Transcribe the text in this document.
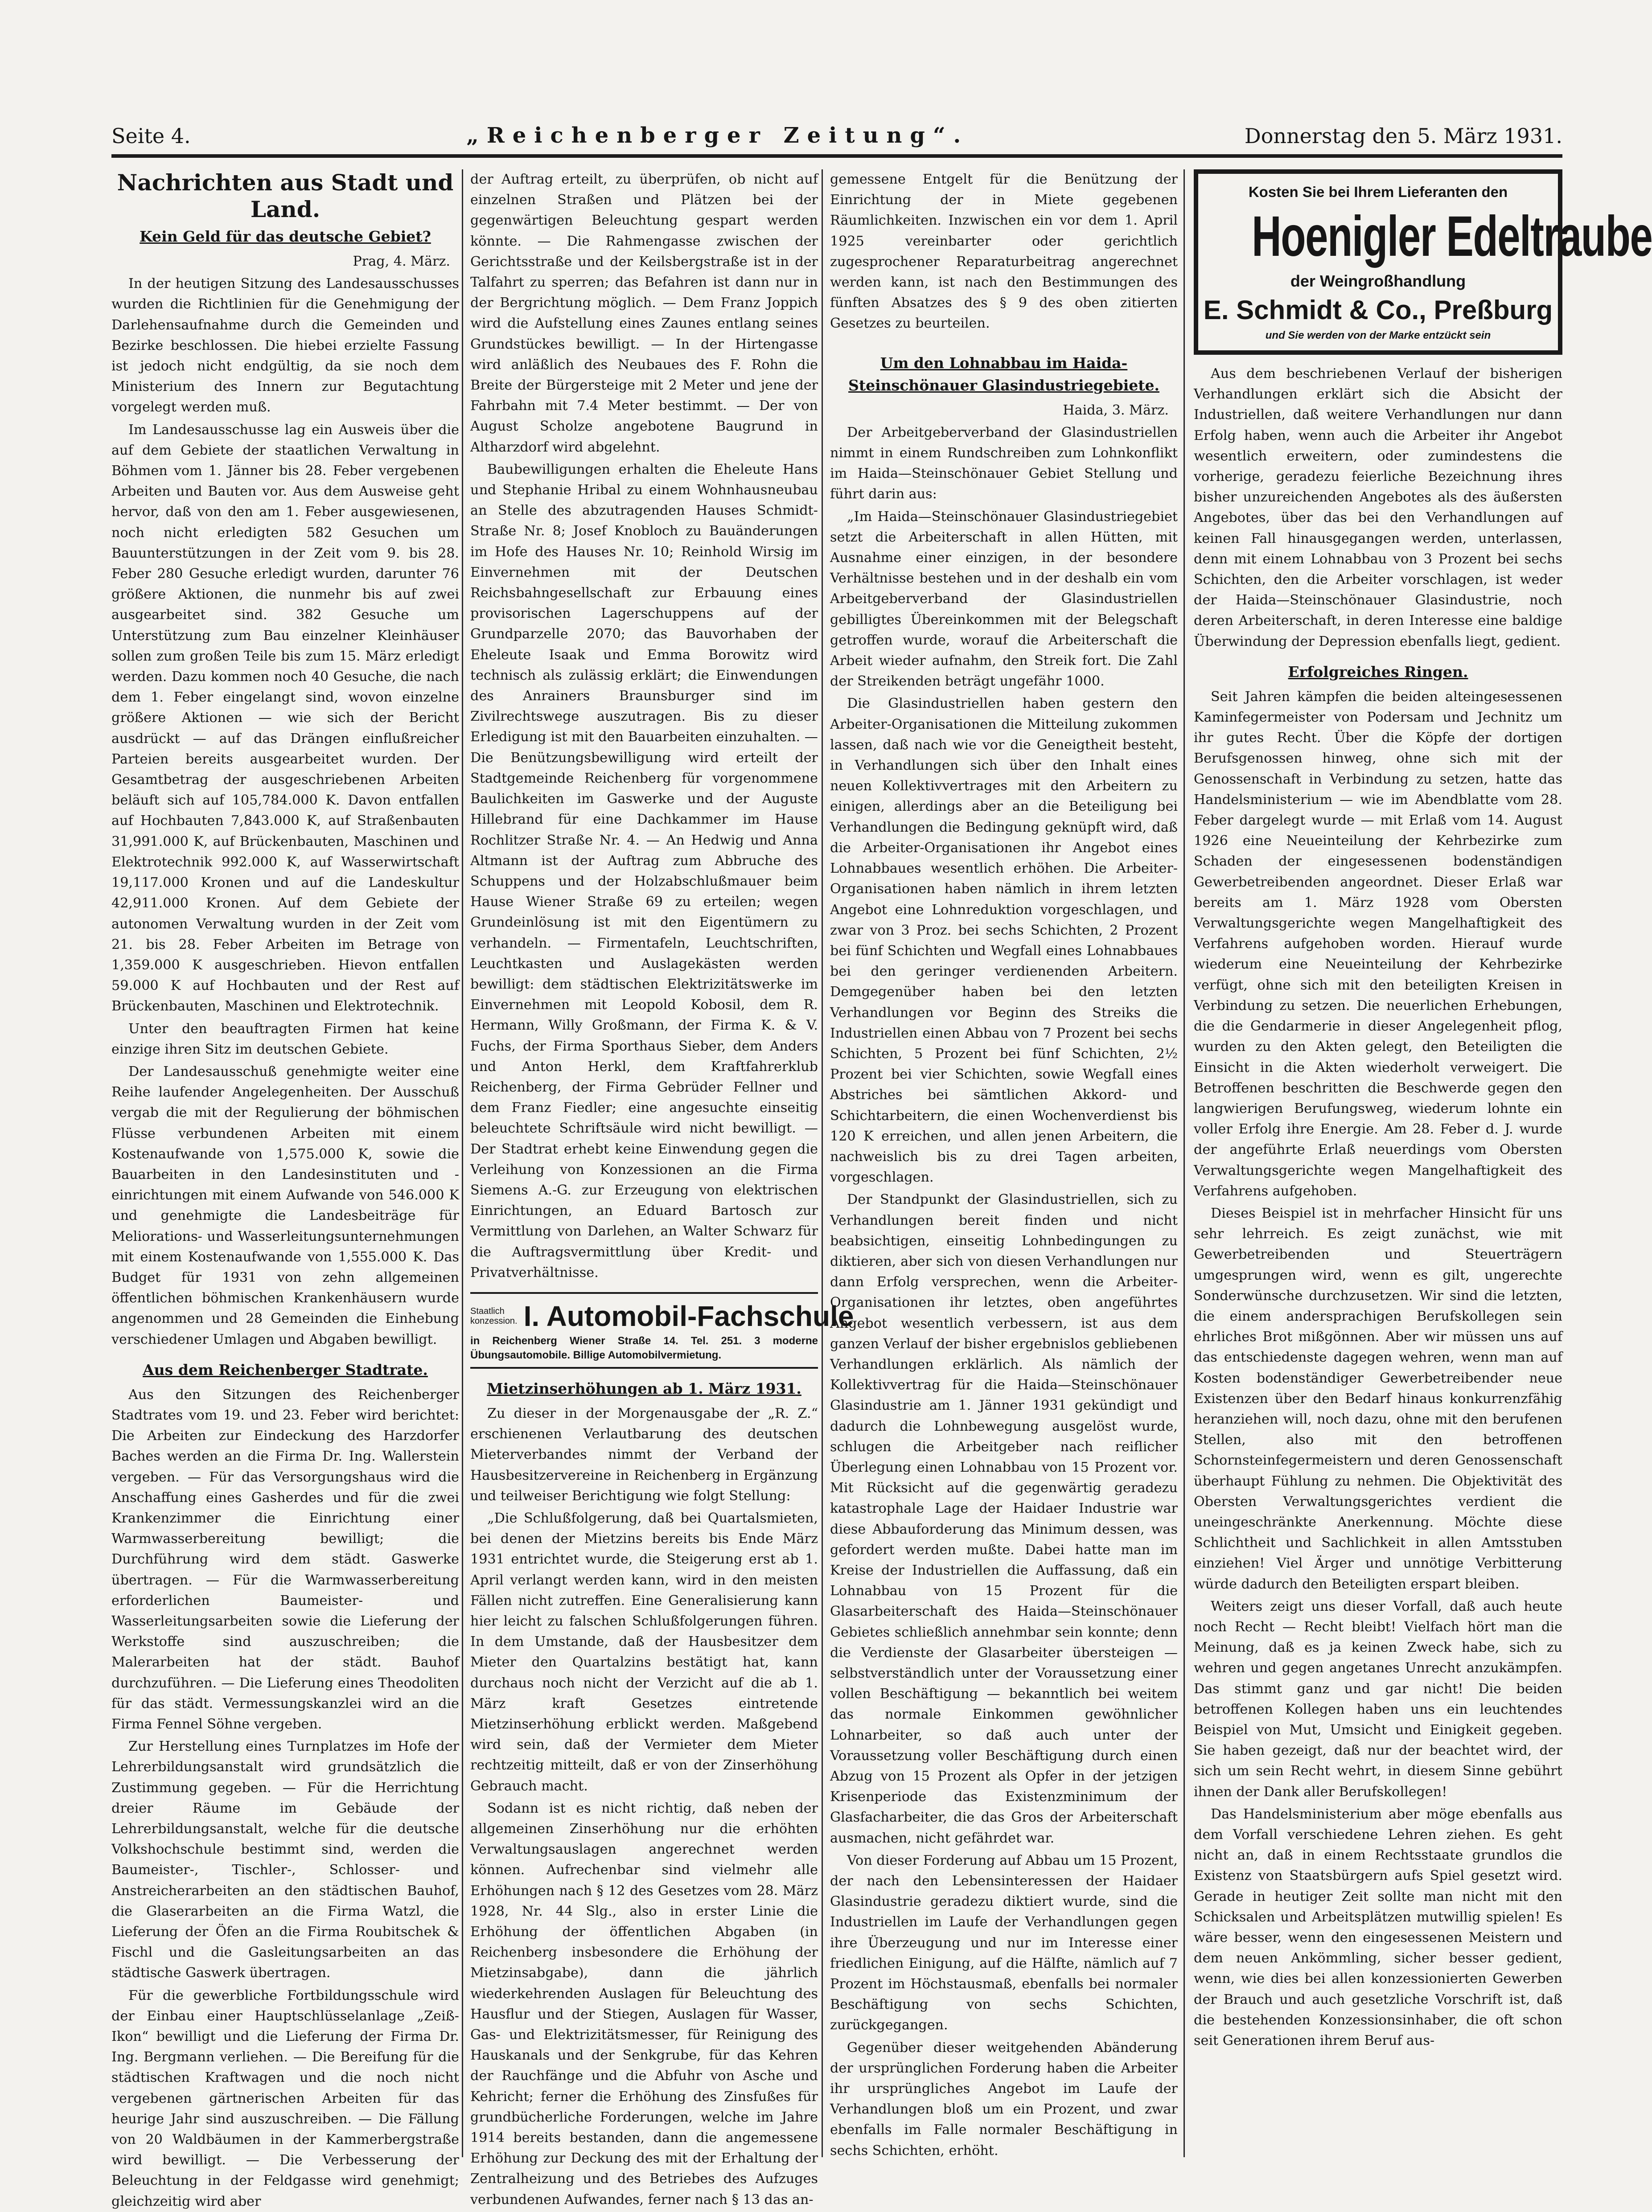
Seite 4.	„Reichenberger Zeitung“.	Donnerstag den 5. März 1931.
Nachrichten aus Stadt und Land.
Kein Geld für das deutsche Gebiet?

Prag, 4. März.

In der heutigen Sitzung des Landesausschusses wurden die Richtlinien für die Genehmigung der Darlehensaufnahme durch die Gemeinden und Bezirke beschlossen. Die hiebei erzielte Fassung ist jedoch nicht endgültig, da sie noch dem Ministerium des Innern zur Begutachtung vorgelegt werden muß.

Im Landesausschusse lag ein Ausweis über die auf dem Gebiete der staatlichen Verwaltung in Böhmen vom 1. Jänner bis 28. Feber vergebenen Arbeiten und Bauten vor. Aus dem Ausweise geht hervor, daß von den am 1. Feber ausgewiesenen, noch nicht erledigten 582 Gesuchen um Bauunterstützungen in der Zeit vom 9. bis 28. Feber 280 Gesuche erledigt wurden, darunter 76 größere Aktionen, die nunmehr bis auf zwei ausgearbeitet sind. 382 Gesuche um Unterstützung zum Bau einzelner Kleinhäuser sollen zum großen Teile bis zum 15. März erledigt werden. Dazu kommen noch 40 Gesuche, die nach dem 1. Feber eingelangt sind, wovon einzelne größere Aktionen — wie sich der Bericht ausdrückt — auf das Drängen einflußreicher Parteien bereits ausgearbeitet wurden. Der Gesamtbetrag der ausgeschriebenen Arbeiten beläuft sich auf 105,784.000 K. Davon entfallen auf Hochbauten 7,843.000 K, auf Straßenbauten 31,991.000 K, auf Brückenbauten, Maschinen und Elektrotechnik 992.000 K, auf Wasserwirtschaft 19,117.000 Kronen und auf die Landeskultur 42,911.000 Kronen. Auf dem Gebiete der autonomen Verwaltung wurden in der Zeit vom 21. bis 28. Feber Arbeiten im Betrage von 1,359.000 K ausgeschrieben. Hievon entfallen 59.000 K auf Hochbauten und der Rest auf Brückenbauten, Maschinen und Elektrotechnik.

Unter den beauftragten Firmen hat keine einzige ihren Sitz im deutschen Gebiete.

Der Landesausschuß genehmigte weiter eine Reihe laufender Angelegenheiten. Der Ausschuß vergab die mit der Regulierung der böhmischen Flüsse verbundenen Arbeiten mit einem Kostenaufwande von 1,575.000 K, sowie die Bauarbeiten in den Landesinstituten und -einrichtungen mit einem Aufwande von 546.000 K und genehmigte die Landesbeiträge für Meliorations- und Wasserleitungsunternehmungen mit einem Kostenaufwande von 1,555.000 K. Das Budget für 1931 von zehn allgemeinen öffentlichen böhmischen Krankenhäusern wurde angenommen und 28 Gemeinden die Einhebung verschiedener Umlagen und Abgaben bewilligt.

Aus dem Reichenberger Stadtrate.

Aus den Sitzungen des Reichenberger Stadtrates vom 19. und 23. Feber wird berichtet: Die Arbeiten zur Eindeckung des Harzdorfer Baches werden an die Firma Dr. Ing. Wallerstein vergeben. — Für das Versorgungshaus wird die Anschaffung eines Gasherdes und für die zwei Krankenzimmer die Einrichtung einer Warmwasserbereitung bewilligt; die Durchführung wird dem städt. Gaswerke übertragen. — Für die Warmwasserbereitung erforderlichen Baumeister- und Wasserleitungsarbeiten sowie die Lieferung der Werkstoffe sind auszuschreiben; die Malerarbeiten hat der städt. Bauhof durchzuführen. — Die Lieferung eines Theodoliten für das städt. Vermessungskanzlei wird an die Firma Fennel Söhne vergeben.

Zur Herstellung eines Turnplatzes im Hofe der Lehrerbildungsanstalt wird grundsätzlich die Zustimmung gegeben. — Für die Herrichtung dreier Räume im Gebäude der Lehrerbildungsanstalt, welche für die deutsche Volkshochschule bestimmt sind, werden die Baumeister-, Tischler-, Schlosser- und Anstreicherarbeiten an den städtischen Bauhof, die Glaserarbeiten an die Firma Watzl, die Lieferung der Öfen an die Firma Roubitschek & Fischl und die Gasleitungsarbeiten an das städtische Gaswerk übertragen.

Für die gewerbliche Fortbildungsschule wird der Einbau einer Hauptschlüsselanlage „Zeiß-Ikon“ bewilligt und die Lieferung der Firma Dr. Ing. Bergmann verliehen. — Die Bereifung für die städtischen Kraftwagen und die noch nicht vergebenen gärtnerischen Arbeiten für das heurige Jahr sind auszuschreiben. — Die Fällung von 20 Waldbäumen in der Kammerbergstraße wird bewilligt. — Die Verbesserung der Beleuchtung in der Feldgasse wird genehmigt; gleichzeitig wird aber

der Auftrag erteilt, zu überprüfen, ob nicht auf einzelnen Straßen und Plätzen bei der gegenwärtigen Beleuchtung gespart werden könnte. — Die Rahmengasse zwischen der Gerichtsstraße und der Keilsbergstraße ist in der Talfahrt zu sperren; das Befahren ist dann nur in der Bergrichtung möglich. — Dem Franz Joppich wird die Aufstellung eines Zaunes entlang seines Grundstückes bewilligt. — In der Hirtengasse wird anläßlich des Neubaues des F. Rohn die Breite der Bürgersteige mit 2 Meter und jene der Fahrbahn mit 7.4 Meter bestimmt. — Der von August Scholze angebotene Baugrund in Altharzdorf wird abgelehnt.

Baubewilligungen erhalten die Eheleute Hans und Stephanie Hribal zu einem Wohnhausneubau an Stelle des abzutragenden Hauses Schmidt-Straße Nr. 8; Josef Knobloch zu Bauänderungen im Hofe des Hauses Nr. 10; Reinhold Wirsig im Einvernehmen mit der Deutschen Reichsbahngesellschaft zur Erbauung eines provisorischen Lagerschuppens auf der Grundparzelle 2070; das Bauvorhaben der Eheleute Isaak und Emma Borowitz wird technisch als zulässig erklärt; die Einwendungen des Anrainers Braunsburger sind im Zivilrechtswege auszutragen. Bis zu dieser Erledigung ist mit den Bauarbeiten einzuhalten. — Die Benützungsbewilligung wird erteilt der Stadtgemeinde Reichenberg für vorgenommene Baulichkeiten im Gaswerke und der Auguste Hillebrand für eine Dachkammer im Hause Rochlitzer Straße Nr. 4. — An Hedwig und Anna Altmann ist der Auftrag zum Abbruche des Schuppens und der Holzabschlußmauer beim Hause Wiener Straße 69 zu erteilen; wegen Grundeinlösung ist mit den Eigentümern zu verhandeln. — Firmentafeln, Leuchtschriften, Leuchtkasten und Auslagekästen werden bewilligt: dem städtischen Elektrizitätswerke im Einvernehmen mit Leopold Kobosil, dem R. Hermann, Willy Großmann, der Firma K. & V. Fuchs, der Firma Sporthaus Sieber, dem Anders und Anton Herkl, dem Kraftfahrerklub Reichenberg, der Firma Gebrüder Fellner und dem Franz Fiedler; eine angesuchte einseitig beleuchtete Schriftsäule wird nicht bewilligt. — Der Stadtrat erhebt keine Einwendung gegen die Verleihung von Konzessionen an die Firma Siemens A.-G. zur Erzeugung von elektrischen Einrichtungen, an Eduard Bartosch zur Vermittlung von Darlehen, an Walter Schwarz für die Auftragsvermittlung über Kredit- und Privatverhältnisse.

Staatlich konzession. I. Automobil-Fachschule
in Reichenberg Wiener Straße 14. Tel. 251. 3 moderne Übungsautomobile. Billige Automobilvermietung.
Mietzinserhöhungen ab 1. März 1931.

Zu dieser in der Morgenausgabe der „R. Z.“ erschienenen Verlautbarung des deutschen Mieterverbandes nimmt der Verband der Hausbesitzervereine in Reichenberg in Ergänzung und teilweiser Berichtigung wie folgt Stellung:

„Die Schlußfolgerung, daß bei Quartalsmieten, bei denen der Mietzins bereits bis Ende März 1931 entrichtet wurde, die Steigerung erst ab 1. April verlangt werden kann, wird in den meisten Fällen nicht zutreffen. Eine Generalisierung kann hier leicht zu falschen Schlußfolgerungen führen. In dem Umstande, daß der Hausbesitzer dem Mieter den Quartalzins bestätigt hat, kann durchaus noch nicht der Verzicht auf die ab 1. März kraft Gesetzes eintretende Mietzinserhöhung erblickt werden. Maßgebend wird sein, daß der Vermieter dem Mieter rechtzeitig mitteilt, daß er von der Zinserhöhung Gebrauch macht.

Sodann ist es nicht richtig, daß neben der allgemeinen Zinserhöhung nur die erhöhten Verwaltungsauslagen angerechnet werden können. Aufrechenbar sind vielmehr alle Erhöhungen nach § 12 des Gesetzes vom 28. März 1928, Nr. 44 Slg., also in erster Linie die Erhöhung der öffentlichen Abgaben (in Reichenberg insbesondere die Erhöhung der Mietzinsabgabe), dann die jährlich wiederkehrenden Auslagen für Beleuchtung des Hausflur und der Stiegen, Auslagen für Wasser, Gas- und Elektrizitätsmesser, für Reinigung des Hauskanals und der Senkgrube, für das Kehren der Rauchfänge und die Abfuhr von Asche und Kehricht; ferner die Erhöhung des Zinsfußes für grundbücherliche Forderungen, welche im Jahre 1914 bereits bestanden, dann die angemessene Erhöhung zur Deckung des mit der Erhaltung der Zentralheizung und des Betriebes des Aufzuges verbundenen Aufwandes, ferner nach § 13 das an-

gemessene Entgelt für die Benützung der Einrichtung der in Miete gegebenen Räumlichkeiten. Inzwischen ein vor dem 1. April 1925 vereinbarter oder gerichtlich zugesprochener Reparaturbeitrag angerechnet werden kann, ist nach den Bestimmungen des fünften Absatzes des § 9 des oben zitierten Gesetzes zu beurteilen.

Um den Lohnabbau im Haida-Steinschönauer Glasindustriegebiete.

Haida, 3. März.

Der Arbeitgeberverband der Glasindustriellen nimmt in einem Rundschreiben zum Lohnkonflikt im Haida—Steinschönauer Gebiet Stellung und führt darin aus:

„Im Haida—Steinschönauer Glasindustriegebiet setzt die Arbeiterschaft in allen Hütten, mit Ausnahme einer einzigen, in der besondere Verhältnisse bestehen und in der deshalb ein vom Arbeitgeberverband der Glasindustriellen gebilligtes Übereinkommen mit der Belegschaft getroffen wurde, worauf die Arbeiterschaft die Arbeit wieder aufnahm, den Streik fort. Die Zahl der Streikenden beträgt ungefähr 1000.

Die Glasindustriellen haben gestern den Arbeiter-Organisationen die Mitteilung zukommen lassen, daß nach wie vor die Geneigtheit besteht, in Verhandlungen sich über den Inhalt eines neuen Kollektivvertrages mit den Arbeitern zu einigen, allerdings aber an die Beteiligung bei Verhandlungen die Bedingung geknüpft wird, daß die Arbeiter-Organisationen ihr Angebot eines Lohnabbaues wesentlich erhöhen. Die Arbeiter-Organisationen haben nämlich in ihrem letzten Angebot eine Lohnreduktion vorgeschlagen, und zwar von 3 Proz. bei sechs Schichten, 2 Prozent bei fünf Schichten und Wegfall eines Lohnabbaues bei den geringer verdienenden Arbeitern. Demgegenüber haben bei den letzten Verhandlungen vor Beginn des Streiks die Industriellen einen Abbau von 7 Prozent bei sechs Schichten, 5 Prozent bei fünf Schichten, 2½ Prozent bei vier Schichten, sowie Wegfall eines Abstriches bei sämtlichen Akkord- und Schichtarbeitern, die einen Wochenverdienst bis 120 K erreichen, und allen jenen Arbeitern, die nachweislich bis zu drei Tagen arbeiten, vorgeschlagen.

Der Standpunkt der Glasindustriellen, sich zu Verhandlungen bereit finden und nicht beabsichtigen, einseitig Lohnbedingungen zu diktieren, aber sich von diesen Verhandlungen nur dann Erfolg versprechen, wenn die Arbeiter-Organisationen ihr letztes, oben angeführtes Angebot wesentlich verbessern, ist aus dem ganzen Verlauf der bisher ergebnislos gebliebenen Verhandlungen erklärlich. Als nämlich der Kollektivvertrag für die Haida—Steinschönauer Glasindustrie am 1. Jänner 1931 gekündigt und dadurch die Lohnbewegung ausgelöst wurde, schlugen die Arbeitgeber nach reiflicher Überlegung einen Lohnabbau von 15 Prozent vor. Mit Rücksicht auf die gegenwärtig geradezu katastrophale Lage der Haidaer Industrie war diese Abbauforderung das Minimum dessen, was gefordert werden mußte. Dabei hatte man im Kreise der Industriellen die Auffassung, daß ein Lohnabbau von 15 Prozent für die Glasarbeiterschaft des Haida—Steinschönauer Gebietes schließlich annehmbar sein konnte; denn die Verdienste der Glasarbeiter übersteigen — selbstverständlich unter der Voraussetzung einer vollen Beschäftigung — bekanntlich bei weitem das normale Einkommen gewöhnlicher Lohnarbeiter, so daß auch unter der Voraussetzung voller Beschäftigung durch einen Abzug von 15 Prozent als Opfer in der jetzigen Krisenperiode das Existenzminimum der Glasfacharbeiter, die das Gros der Arbeiterschaft ausmachen, nicht gefährdet war.

Von dieser Forderung auf Abbau um 15 Prozent, der nach den Lebensinteressen der Haidaer Glasindustrie geradezu diktiert wurde, sind die Industriellen im Laufe der Verhandlungen gegen ihre Überzeugung und nur im Interesse einer friedlichen Einigung, auf die Hälfte, nämlich auf 7 Prozent im Höchstausmaß, ebenfalls bei normaler Beschäftigung von sechs Schichten, zurückgegangen.

Gegenüber dieser weitgehenden Abänderung der ursprünglichen Forderung haben die Arbeiter ihr ursprüngliches Angebot im Laufe der Verhandlungen bloß um ein Prozent, und zwar ebenfalls im Falle normaler Beschäftigung in sechs Schichten, erhöht.

Kosten Sie bei Ihrem Lieferanten den
Hoenigler Edeltraube
der Weingroßhandlung
E. Schmidt & Co., Preßburg
und Sie werden von der Marke entzückt sein

Aus dem beschriebenen Verlauf der bisherigen Verhandlungen erklärt sich die Absicht der Industriellen, daß weitere Verhandlungen nur dann Erfolg haben, wenn auch die Arbeiter ihr Angebot wesentlich erweitern, oder zumindestens die vorherige, geradezu feierliche Bezeichnung ihres bisher unzureichenden Angebotes als des äußersten Angebotes, über das bei den Verhandlungen auf keinen Fall hinausgegangen werden, unterlassen, denn mit einem Lohnabbau von 3 Prozent bei sechs Schichten, den die Arbeiter vorschlagen, ist weder der Haida—Steinschönauer Glasindustrie, noch deren Arbeiterschaft, in deren Interesse eine baldige Überwindung der Depression ebenfalls liegt, gedient.

Erfolgreiches Ringen.

Seit Jahren kämpfen die beiden alteingesessenen Kaminfegermeister von Podersam und Jechnitz um ihr gutes Recht. Über die Köpfe der dortigen Berufsgenossen hinweg, ohne sich mit der Genossenschaft in Verbindung zu setzen, hatte das Handelsministerium — wie im Abendblatte vom 28. Feber dargelegt wurde — mit Erlaß vom 14. August 1926 eine Neueinteilung der Kehrbezirke zum Schaden der eingesessenen bodenständigen Gewerbetreibenden angeordnet. Dieser Erlaß war bereits am 1. März 1928 vom Obersten Verwaltungsgerichte wegen Mangelhaftigkeit des Verfahrens aufgehoben worden. Hierauf wurde wiederum eine Neueinteilung der Kehrbezirke verfügt, ohne sich mit den beteiligten Kreisen in Verbindung zu setzen. Die neuerlichen Erhebungen, die die Gendarmerie in dieser Angelegenheit pflog, wurden zu den Akten gelegt, den Beteiligten die Einsicht in die Akten wiederholt verweigert. Die Betroffenen beschritten die Beschwerde gegen den langwierigen Berufungsweg, wiederum lohnte ein voller Erfolg ihre Energie. Am 28. Feber d. J. wurde der angeführte Erlaß neuerdings vom Obersten Verwaltungsgerichte wegen Mangelhaftigkeit des Verfahrens aufgehoben.

Dieses Beispiel ist in mehrfacher Hinsicht für uns sehr lehrreich. Es zeigt zunächst, wie mit Gewerbetreibenden und Steuerträgern umgesprungen wird, wenn es gilt, ungerechte Sonderwünsche durchzusetzen. Wir sind die letzten, die einem andersprachigen Berufskollegen sein ehrliches Brot mißgönnen. Aber wir müssen uns auf das entschiedenste dagegen wehren, wenn man auf Kosten bodenständiger Gewerbetreibender neue Existenzen über den Bedarf hinaus konkurrenzfähig heranziehen will, noch dazu, ohne mit den berufenen Stellen, also mit den betroffenen Schornsteinfegermeistern und deren Genossenschaft überhaupt Fühlung zu nehmen. Die Objektivität des Obersten Verwaltungsgerichtes verdient die uneingeschränkte Anerkennung. Möchte diese Schlichtheit und Sachlichkeit in allen Amtsstuben einziehen! Viel Ärger und unnötige Verbitterung würde dadurch den Beteiligten erspart bleiben.

Weiters zeigt uns dieser Vorfall, daß auch heute noch Recht — Recht bleibt! Vielfach hört man die Meinung, daß es ja keinen Zweck habe, sich zu wehren und gegen angetanes Unrecht anzukämpfen. Das stimmt ganz und gar nicht! Die beiden betroffenen Kollegen haben uns ein leuchtendes Beispiel von Mut, Umsicht und Einigkeit gegeben. Sie haben gezeigt, daß nur der beachtet wird, der sich um sein Recht wehrt, in diesem Sinne gebührt ihnen der Dank aller Berufskollegen!

Das Handelsministerium aber möge ebenfalls aus dem Vorfall verschiedene Lehren ziehen. Es geht nicht an, daß in einem Rechtsstaate grundlos die Existenz von Staatsbürgern aufs Spiel gesetzt wird. Gerade in heutiger Zeit sollte man nicht mit den Schicksalen und Arbeitsplätzen mutwillig spielen! Es wäre besser, wenn den eingesessenen Meistern und dem neuen Ankömmling, sicher besser gedient, wenn, wie dies bei allen konzessionierten Gewerben der Brauch und auch gesetzliche Vorschrift ist, daß die bestehenden Konzessionsinhaber, die oft schon seit Generationen ihrem Beruf aus-
